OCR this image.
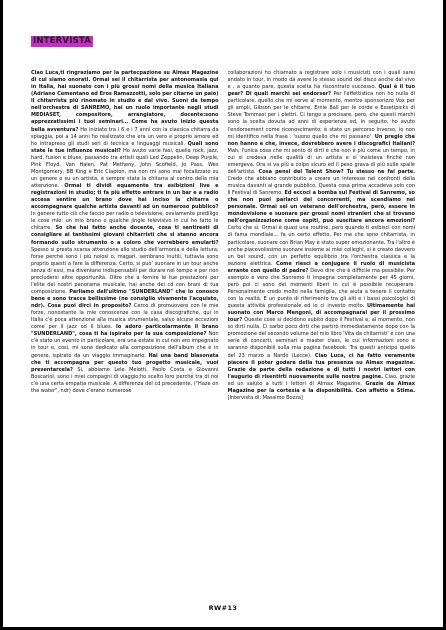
INTERVISTA

Ciao Luca,ti ringraziamo per la partecpazione su Almax Magazine di cui siamo onorati. Ormai sei il chitarrista per antonomasia qui in Italia, hai suonato con i più grossi nomi della musica Italiana (Adriano Cementano ed Eros Ramazzotti, solo per citarne un paio) il chitarrista più rinomato in studio e dal vivo. Suoni da tempo nell'orchestra di SANREMO, hai un ruolo importante negli studi MEDIASET, compositore, arrangiatore, docente:sono apprezzatissimi i tuoi seminari… Come ha avuto inizio questa bella avventura? Ho iniziato tra i 6 e i 7 anni con la classica chitarra da spiaggia, poi a 14 anni ho realizzato che era un vero e proprio amore ed ho intrapreso gli studi seri di tecnica e linguaggi musicali. Quali sono state le tue influenze musicali? Ho avuto varie fasi, quella rock, jazz, hard, fusion e blues, passando tra artisti quali Led Zeppelin, Deep Purple, Pink Floyd, Van Halen, Pat Metheny, John Scofield, Jo Pass, Wes Montgomery, BB King e Eric Clapton, ma non mi sono mai focalizzato su un genere o su un artista, è sempre stata la chitarra al centro della mia attenzione. Ormai ti dividi equamente tra esibizioni live e registrazioni in studio; ti fa più effetto entrare in un bar e a radio accesa sentire un brano dove hai inciso la chitarra o accompagnare qualche artista davanti ad un numeroso pubblico? In genere tutto ciò che faccio per radio o televisione, ovviamente prediligo le cose mie: un mio brano o qualche jingle televisivo in cui ho fatto le chitarre. So che hai fatto anche docente, cosa ti sentiresti di consigliare ai tantissimi giovani chitarristi che si stanno ancora formando sullo strumento o a coloro che vorrebbero emularti? Spesso si presta scarsa attenzione allo studio dell'armonia e della lettura, forse perché sono i più noiosi o, magari, sembrano inutili, tuttavia sono proprio questi a fare la differenza. Certo, si può' suonare in un tour anche senza di essi, ma diventano indispensabili per durare nel tempo e per non precludersi altre opportunità. Oltre che a fornire le tue prestazioni per l'elite dei nostri panorama musicale, hai anche dei cd con brani di tua composizione. Parliamo dell'ultimo "SUNDERLAND" che lo conosco bene e sono tracce bellissime (ne consiglio vivamente l'acquisto, ndr). Cosa puoi dirci in proposito? Cerco di promuovere con le mie forze, nonostante la mie conoscenze con la casa discografiche, qui in Italia c'è poca attenzione alla musica strumentale, salvo alcune eccezioni come per il jazz od il blues. Io adoro particolarmente il brano "SUNDERLAND", cosa ti ha ispirato per la sua composizione? Non c'è stato un evento in particolare, era una estate in cui non ero impegnato in tour e, così, mi sono dedicato alla composizione dell'album che è in genere, ispirato da un viaggio immaginario. Hai una band blasonata che ti accompagna per questo tuo progetto musicale, vuoi presentarcela? Si, abbiamo Lele Melotti, Paolo Costa e Giovanni Boscariol, sono i miei compagni di viaggio;ho scelto loro perché tra di noi c'è una certa empatia musicale. A differenza del cd precedente, ("Haze on the water", ndr) dove c'erano numerose

collaborazioni ho chiamato a registrare solo i musicisti con i quali sarei andato in tour, in modo da avere lo stesso sound del disco anche dal vivo e , a quanto pare, questa scelta ha riscontrato successo. Qual è il tuo gear? Di quali marchi sei endorser? Per l'effettistica non ho nulla di particolare, quello che mi serve al momento, mentre sponsorizzo Vox per gli ampli, Gibson per le chitarre, Ernie Ball per le corde e Essetipicks di Steve Tommasi per i plettri. Ci tengo a precisare, però, che questi marchi sono la scelta dovuta ad anni di esperienza ed, in seguito, ho avuto l'endorsement come riconoscimento; è stato un percorso inverso, io non mi identifico nella frase : 'suono quello che mi passano'. Un pregio che non hanno e che, invece, dovrebbero avere i discografici Italiani? Mah, l'unica cosa che mi sento di dirti è che non è più come un tempo, in cui si credeva nelle qualità di un artista e si insisteva finché non emergeva. Ora si va più a colpo sicuro ed il peso grava di più sulle spalle dell'artista. Cosa pensi del Talent Show? Tu stesso ne fai parte. Credo che abbiano contribuito a creare un interesse nei confronti della musica davanti al grande pubblico. Questa cosa prima accadeva solo con Il Festival di Sanremo. Ed eccoci a bomba sul Festival di Sanremo, so che non puoi parlarci dei concorrenti, ma scendiamo nel personale. Ormai sei un veterano dell'orchestra, però, essere in mondovisione e suonare per grossi nomi stranieri che si trovano nell'organizzazione come ospiti, può suscitare ancora emozioni? Certo che sì. Ormai è quasi una routine, però quando ti esibisci con nomi di fama mondiale… fa un certo effetto. Per me che sono chitarrista, in particolare, suonare con Brian May è stato super emozionante. Tra l'altro è anche piacevolissimo suonare insieme ai miei colleghi, si è creato davvero un bel sound, con un perfetto equilibrio tra l'orchestra classica e la sezione elettrica. Come riesci a conjugare il ruolo di musicista errante con quello di padre? Devo dire che è difficile ma possibile. Per esempio è vero che Sanremo ti impegna completamente per 45 giorni, però poi ci sono dei momenti liberi in cui è possibile recuperare. Personalmente credo molto nella famiglia, che aiuta a tenere il contatto con la realtà. E un punto di riferimento tra gli alti e i bassi psicologici di questa attività professionale ed io ci investo molto. Ultimamente hai suonato con Marco Mengoni, di accompagnarai per il prossimo tour? Queste cose si decidono subito dopo il Festival e, al momento, non so dirti nulla. Ci sarbo poco dirti che partirò immediatamente dopo con la promozione del secondo volume del mio libro 'Vita da chitarristi' e con una serie di concerti, seminari e master class, le cui informazioni sono e saranno disponibili sulla mia pagina facebook. Tra questi anticipo quello del 23 marzo a Nardò (Lecce). Ciao Luca, ci ha fatto veramente piacere il poter godere della tua presenza su Almax magazine. Grazie da parte della redazione e di tutti i nostri lettori con l'augurio di risentirti nuovamente sulle nostre pagine. Ciao, grazie ed un saluto a tutti i lettori di Almax Magazine. Grazie da Almax Magazine per la cortesia e la disponibilità. Con affetto e Stima. [Intervista di: Massimo Bozza]

RW#13
